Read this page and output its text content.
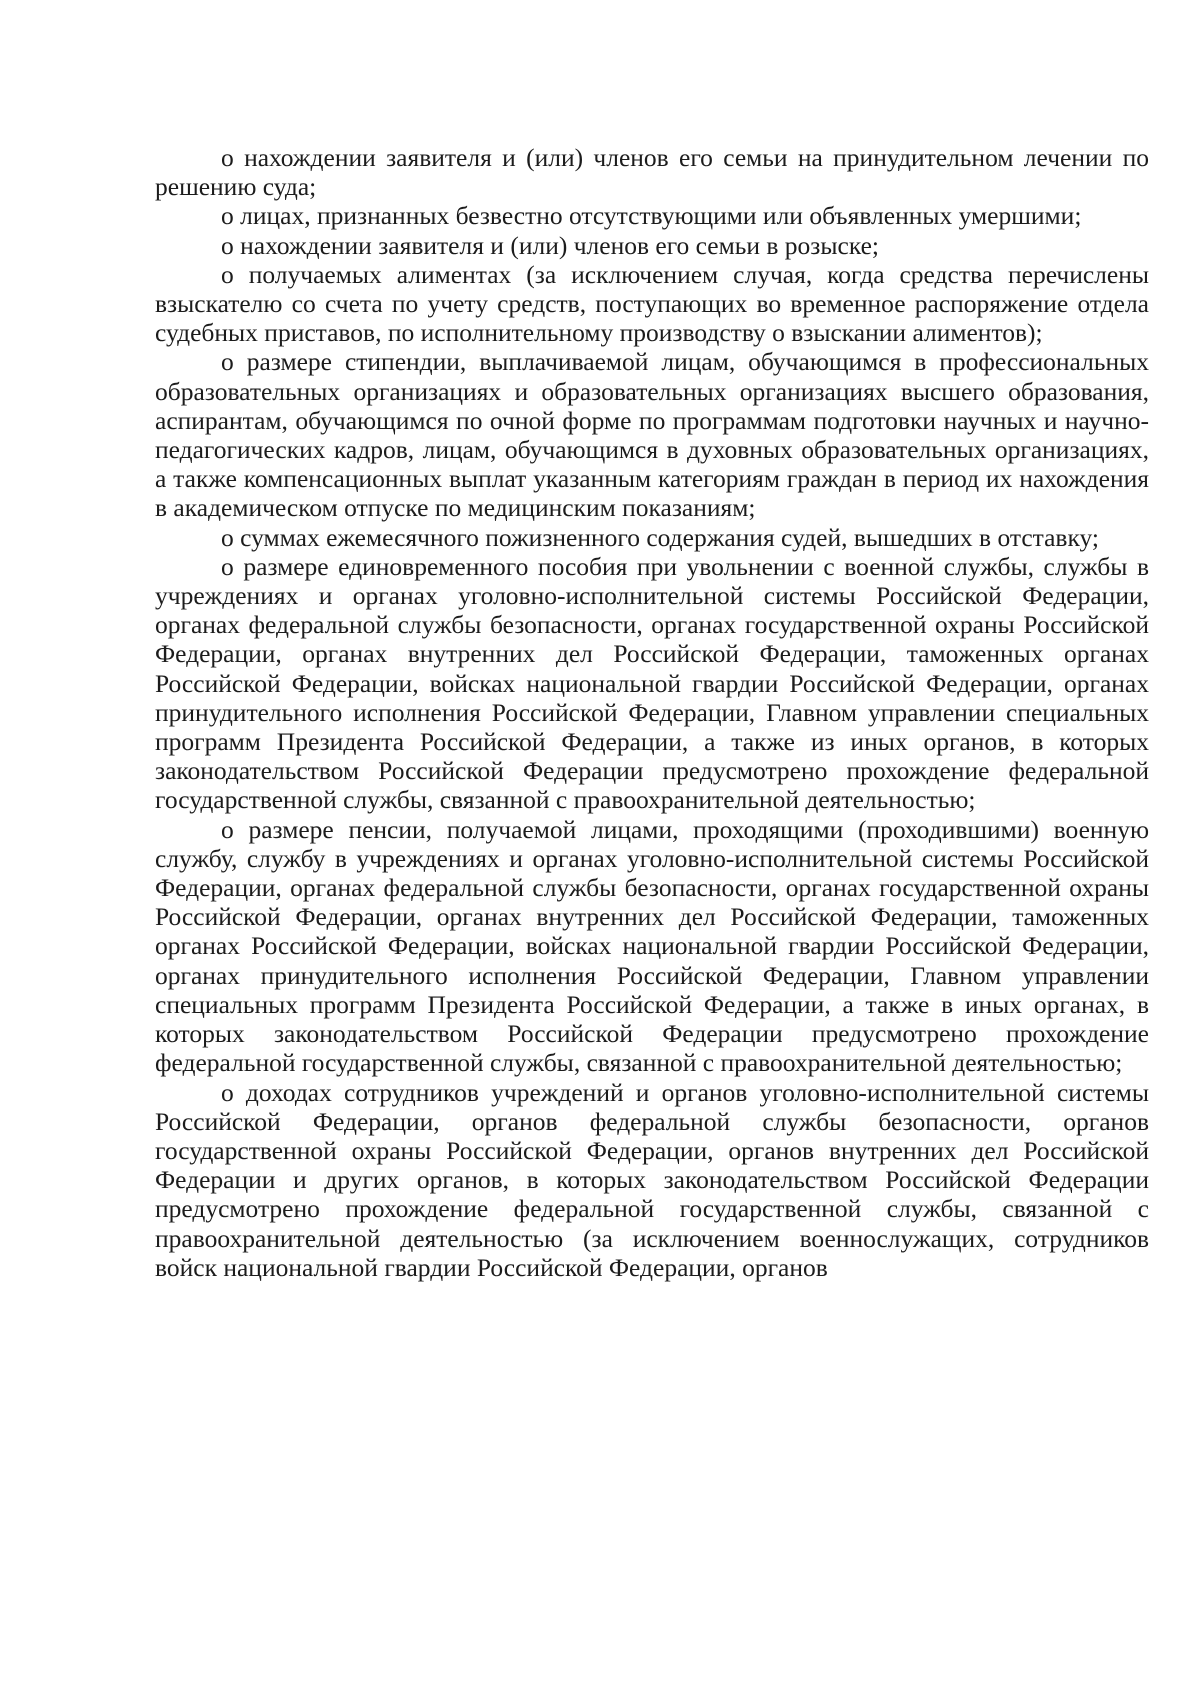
о нахождении заявителя и (или) членов его семьи на принудительном лечении по решению суда;

о лицах, признанных безвестно отсутствующими или объявленных умершими;

о нахождении заявителя и (или) членов его семьи в розыске;

о получаемых алиментах (за исключением случая, когда средства перечислены взыскателю со счета по учету средств, поступающих во временное распоряжение отдела судебных приставов, по исполнительному производству о взыскании алиментов);

о размере стипендии, выплачиваемой лицам, обучающимся в профессиональных образовательных организациях и образовательных организациях высшего образования, аспирантам, обучающимся по очной форме по программам подготовки научных и научно-педагогических кадров, лицам, обучающимся в духовных образовательных организациях, а также компенсационных выплат указанным категориям граждан в период их нахождения в академическом отпуске по медицинским показаниям;

о суммах ежемесячного пожизненного содержания судей, вышедших в отставку;

о размере единовременного пособия при увольнении с военной службы, службы в учреждениях и органах уголовно-исполнительной системы Российской Федерации, органах федеральной службы безопасности, органах государственной охраны Российской Федерации, органах внутренних дел Российской Федерации, таможенных органах Российской Федерации, войсках национальной гвардии Российской Федерации, органах принудительного исполнения Российской Федерации, Главном управлении специальных программ Президента Российской Федерации, а также из иных органов, в которых законодательством Российской Федерации предусмотрено прохождение федеральной государственной службы, связанной с правоохранительной деятельностью;

о размере пенсии, получаемой лицами, проходящими (проходившими) военную службу, службу в учреждениях и органах уголовно-исполнительной системы Российской Федерации, органах федеральной службы безопасности, органах государственной охраны Российской Федерации, органах внутренних дел Российской Федерации, таможенных органах Российской Федерации, войсках национальной гвардии Российской Федерации, органах принудительного исполнения Российской Федерации, Главном управлении специальных программ Президента Российской Федерации, а также в иных органах, в которых законодательством Российской Федерации предусмотрено прохождение федеральной государственной службы, связанной с правоохранительной деятельностью;

о доходах сотрудников учреждений и органов уголовно-исполнительной системы Российской Федерации, органов федеральной службы безопасности, органов государственной охраны Российской Федерации, органов внутренних дел Российской Федерации и других органов, в которых законодательством Российской Федерации предусмотрено прохождение федеральной государственной службы, связанной с правоохранительной деятельностью (за исключением военнослужащих, сотрудников войск национальной гвардии Российской Федерации, органов
